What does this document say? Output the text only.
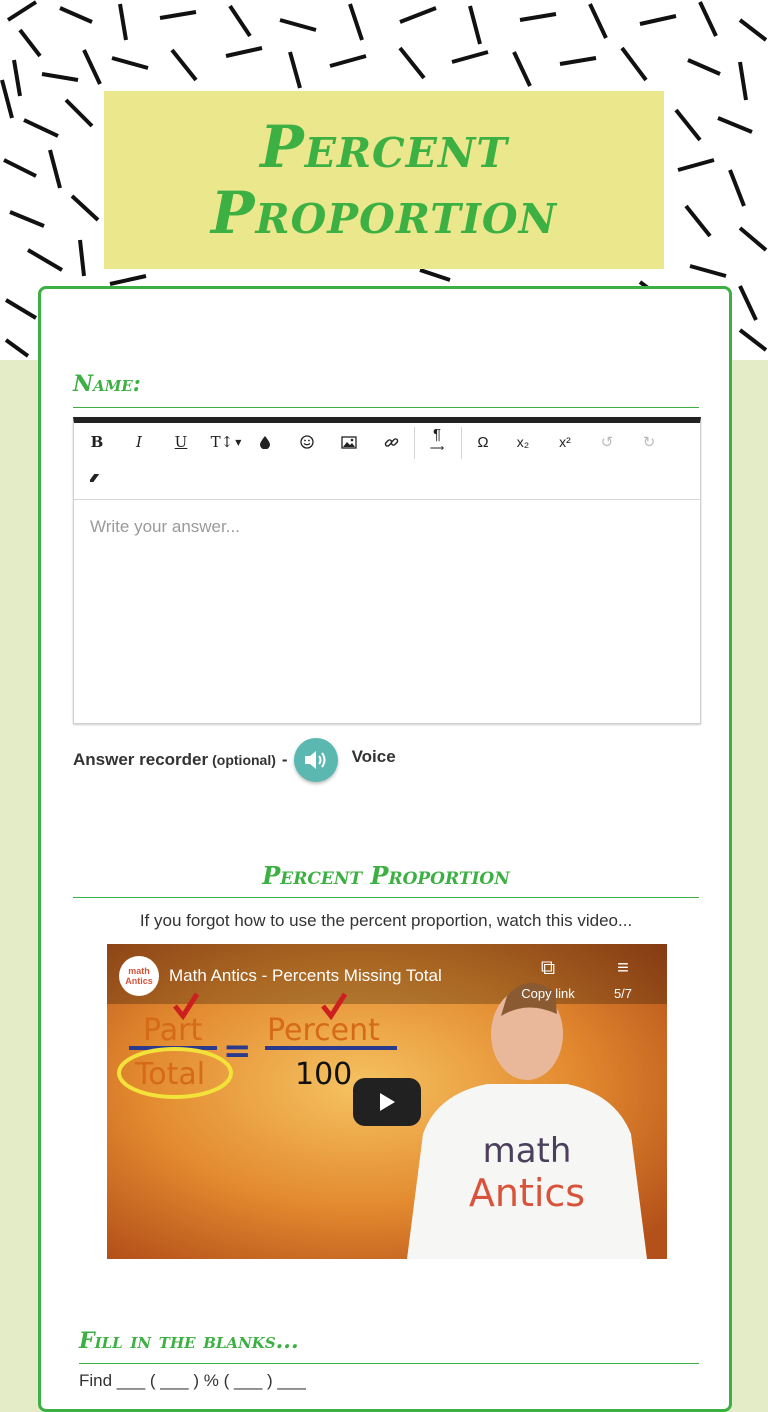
Percent Proportion
Name:
B	I	U	T↕ ▼	¶
⟶	Ω	x₂	x²	↺ ↻
Write your answer...
Answer recorder (optional) -	Voice
Percent Proportion
If you forgot how to use the percent proportion, watch this video...
math
Antics
Part
Total
=
Percent
100
math Antics Math Antics - Percents Missing Total	⧉
Copy link
≡
5/7
Fill in the blanks...
Find ___ ( ___ ) % ( ___ ) ___
